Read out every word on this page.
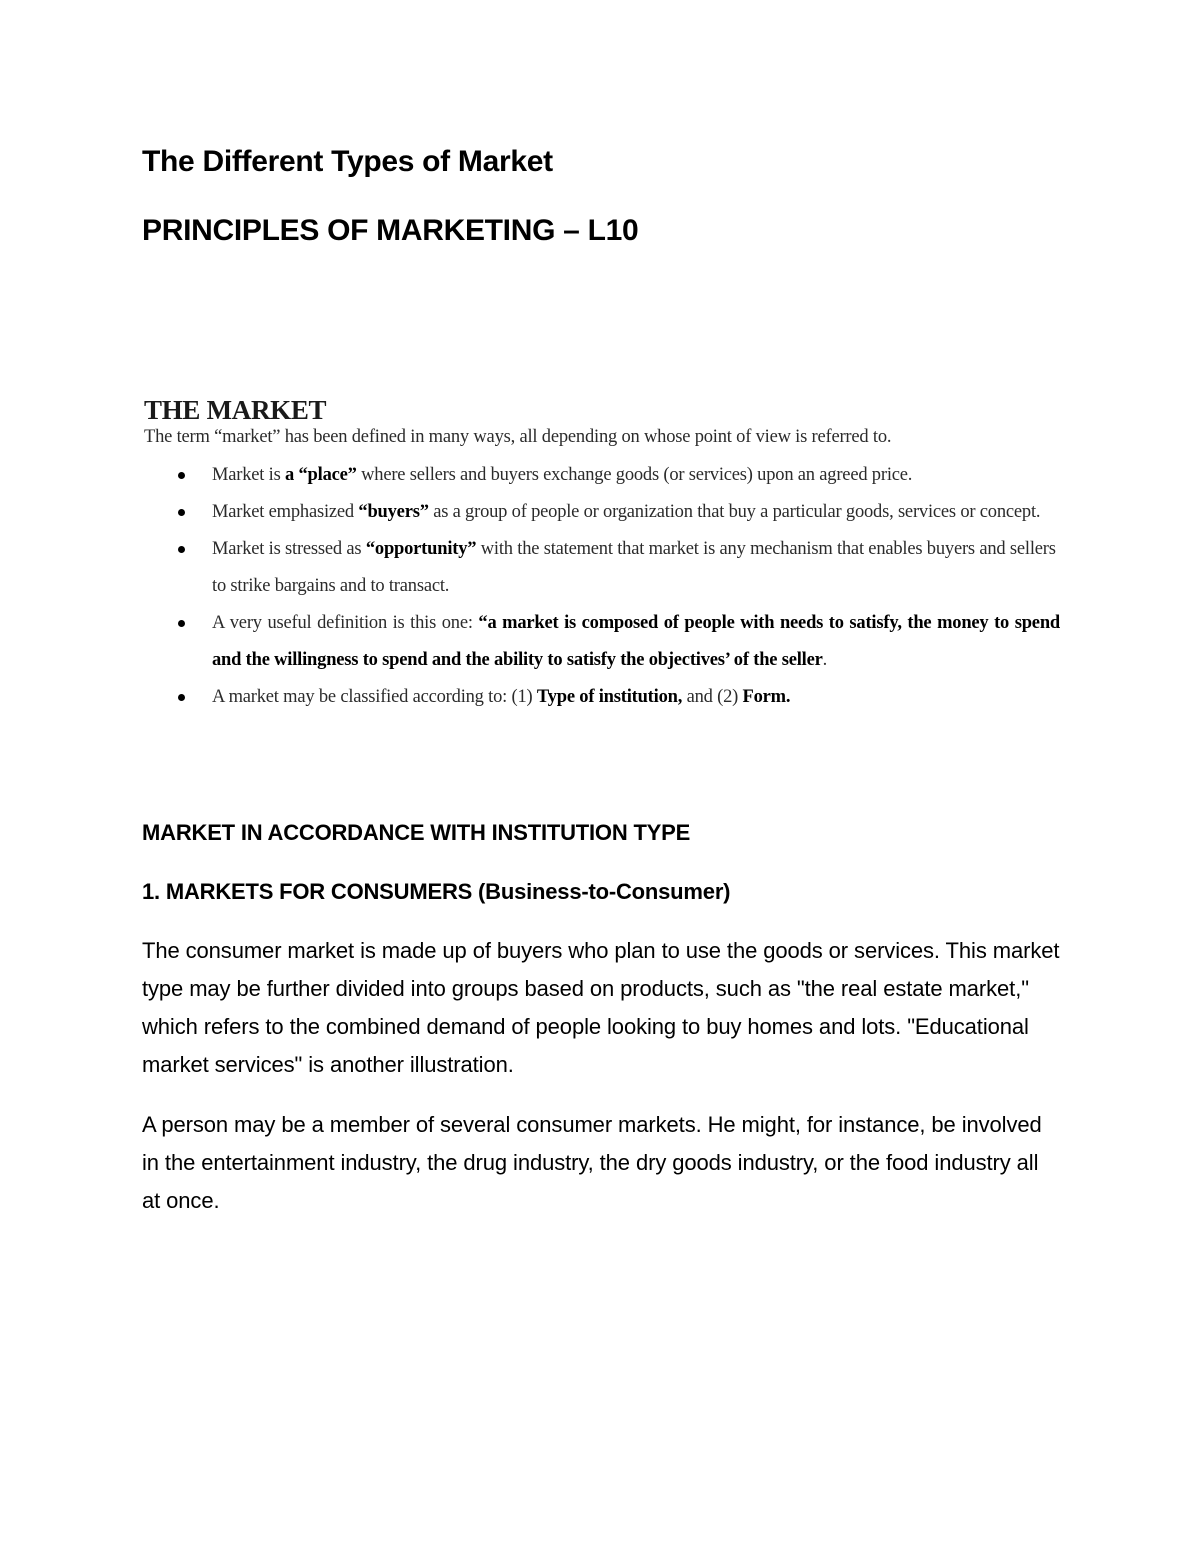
The Different Types of Market
PRINCIPLES OF MARKETING – L10
THE MARKET
The term “market” has been defined in many ways, all depending on whose point of view is referred to.
Market is a “place” where sellers and buyers exchange goods (or services) upon an agreed price.
Market emphasized “buyers” as a group of people or organization that buy a particular goods, services or concept.
Market is stressed as “opportunity” with the statement that market is any mechanism that enables buyers and sellers to strike bargains and to transact.
A very useful definition is this one: “a market is composed of people with needs to satisfy, the money to spend and the willingness to spend and the ability to satisfy the objectives’ of the seller.
A market may be classified according to: (1) Type of institution, and (2) Form.
MARKET IN ACCORDANCE WITH INSTITUTION TYPE
1. MARKETS FOR CONSUMERS (Business-to-Consumer)
The consumer market is made up of buyers who plan to use the goods or services. This market type may be further divided into groups based on products, such as "the real estate market," which refers to the combined demand of people looking to buy homes and lots. "Educational market services" is another illustration.
A person may be a member of several consumer markets. He might, for instance, be involved in the entertainment industry, the drug industry, the dry goods industry, or the food industry all at once.
